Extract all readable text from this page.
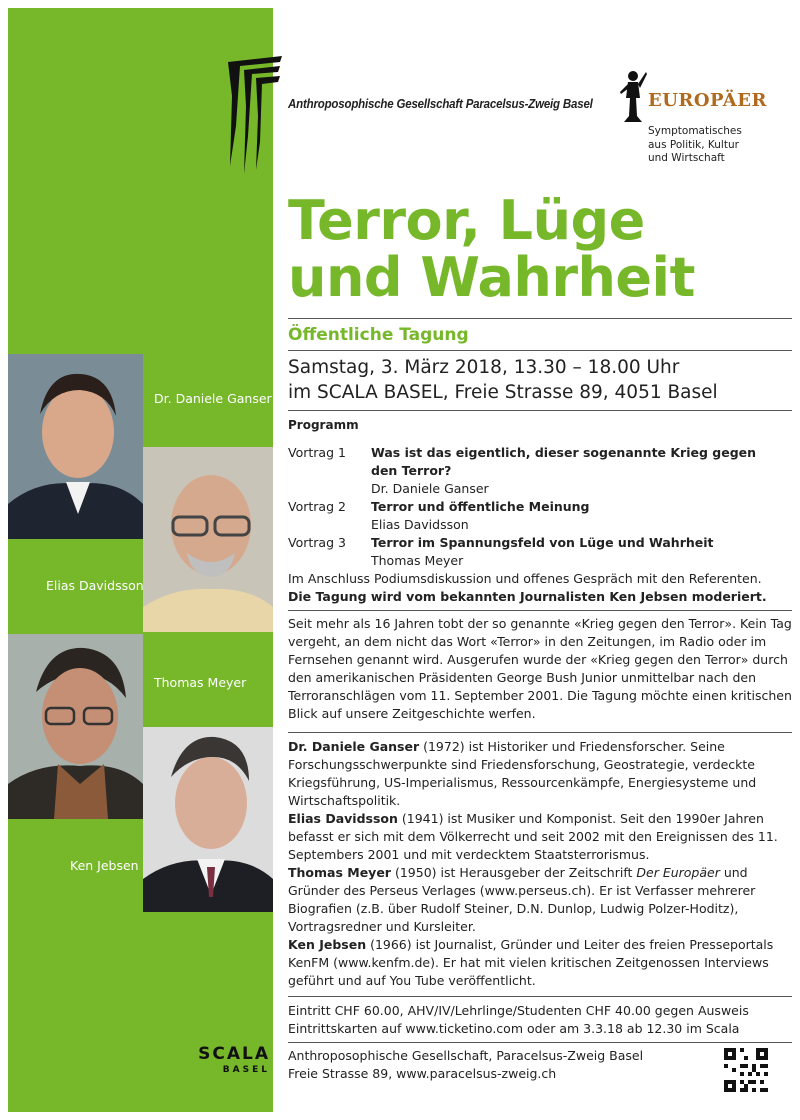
Anthroposophische Gesellschaft Paracelsus-Zweig Basel	EUROPÄER
Symptomatisches
aus Politik, Kultur
und Wirtschaft
Terror, Lüge
und Wahrheit
Öffentliche Tagung
Samstag, 3. März 2018, 13.30 – 18.00 Uhr
im SCALA BASEL, Freie Strasse 89, 4051 Basel
Programm
Vortrag 1 Was ist das eigentlich, dieser sogenannte Krieg gegen den Terror?
Dr. Daniele Ganser
Vortrag 2 Terror und öffentliche Meinung
Elias Davidsson
Vortrag 3 Terror im Spannungsfeld von Lüge und Wahrheit
Thomas Meyer

Im Anschluss Podiumsdiskussion und offenes Gespräch mit den Referenten.

Die Tagung wird vom bekannten Journalisten Ken Jebsen moderiert.

Seit mehr als 16 Jahren tobt der so genannte «Krieg gegen den Terror». Kein Tag vergeht, an dem nicht das Wort «Terror» in den Zeitungen, im Radio oder im Fernsehen genannt wird. Ausgerufen wurde der «Krieg gegen den Terror» durch den amerikanischen Präsidenten George Bush Junior unmittelbar nach den Terroranschlägen vom 11. September 2001. Die Tagung möchte einen kritischen Blick auf unsere Zeitgeschichte werfen.

Dr. Daniele Ganser (1972) ist Historiker und Friedensforscher. Seine Forschungsschwerpunkte sind Friedensforschung, Geostrategie, verdeckte Kriegsführung, US-Imperialismus, Ressourcenkämpfe, Energiesysteme und Wirtschaftspolitik.

Elias Davidsson (1941) ist Musiker und Komponist. Seit den 1990er Jahren befasst er sich mit dem Völkerrecht und seit 2002 mit den Ereignissen des 11. Septembers 2001 und mit verdecktem Staatsterrorismus.

Thomas Meyer (1950) ist Herausgeber der Zeitschrift Der Europäer und Gründer des Perseus Verlages (www.perseus.ch). Er ist Verfasser mehrerer Biografien (z.B. über Rudolf Steiner, D.N. Dunlop, Ludwig Polzer-Hoditz), Vortragsredner und Kursleiter.

Ken Jebsen (1966) ist Journalist, Gründer und Leiter des freien Presseportals KenFM (www.kenfm.de). Er hat mit vielen kritischen Zeitgenossen Interviews geführt und auf You Tube veröffentlicht.

Eintritt CHF 60.00, AHV/IV/Lehrlinge/Studenten CHF 40.00 gegen Ausweis

Eintrittskarten auf www.ticketino.com oder am 3.3.18 ab 12.30 im Scala

Anthroposophische Gesellschaft, Paracelsus-Zweig Basel

Freie Strasse 89, www.paracelsus-zweig.ch

Dr. Daniele Ganser
Elias Davidsson
Thomas Meyer
Ken Jebsen
SCALA
BASEL
